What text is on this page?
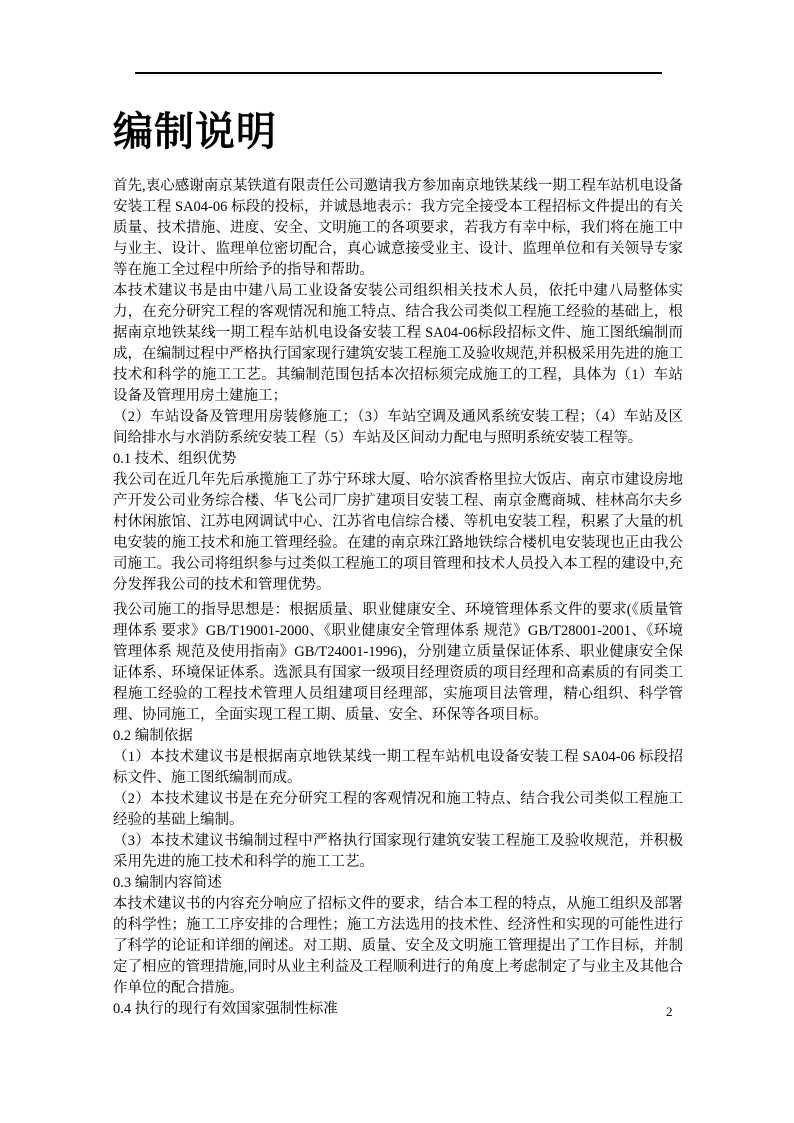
编制说明

首先,衷心感谢南京某铁道有限责任公司邀请我方参加南京地铁某线一期工程车站机电设备安装工程 SA04-06 标段的投标，并诚恳地表示：我方完全接受本工程招标文件提出的有关质量、技术措施、进度、安全、文明施工的各项要求，若我方有幸中标，我们将在施工中与业主、设计、监理单位密切配合，真心诚意接受业主、设计、监理单位和有关领导专家等在施工全过程中所给予的指导和帮助。

本技术建议书是由中建八局工业设备安装公司组织相关技术人员，依托中建八局整体实力，在充分研究工程的客观情况和施工特点、结合我公司类似工程施工经验的基础上，根据南京地铁某线一期工程车站机电设备安装工程 SA04-06标段招标文件、施工图纸编制而成，在编制过程中严格执行国家现行建筑安装工程施工及验收规范,并积极采用先进的施工技术和科学的施工工艺。其编制范围包括本次招标须完成施工的工程，具体为（1）车站设备及管理用房土建施工；

（2）车站设备及管理用房装修施工；（3）车站空调及通风系统安装工程；（4）车站及区间给排水与水消防系统安装工程（5）车站及区间动力配电与照明系统安装工程等。

0.1 技术、组织优势

我公司在近几年先后承揽施工了苏宁环球大厦、哈尔滨香格里拉大饭店、南京市建设房地产开发公司业务综合楼、华飞公司厂房扩建项目安装工程、南京金鹰商城、桂林高尔夫乡村休闲旅馆、江苏电网调试中心、江苏省电信综合楼、等机电安装工程，积累了大量的机电安装的施工技术和施工管理经验。在建的南京珠江路地铁综合楼机电安装现也正由我公司施工。我公司将组织参与过类似工程施工的项目管理和技术人员投入本工程的建设中,充分发挥我公司的技术和管理优势。

我公司施工的指导思想是：根据质量、职业健康安全、环境管理体系文件的要求(《质量管理体系 要求》GB/T19001-2000、《职业健康安全管理体系 规范》GB/T28001-2001、《环境管理体系 规范及使用指南》GB/T24001-1996)，分别建立质量保证体系、职业健康安全保证体系、环境保证体系。选派具有国家一级项目经理资质的项目经理和高素质的有同类工程施工经验的工程技术管理人员组建项目经理部，实施项目法管理，精心组织、科学管理、协同施工，全面实现工程工期、质量、安全、环保等各项目标。

0.2 编制依据

（1）本技术建议书是根据南京地铁某线一期工程车站机电设备安装工程 SA04-06 标段招标文件、施工图纸编制而成。

（2）本技术建议书是在充分研究工程的客观情况和施工特点、结合我公司类似工程施工经验的基础上编制。

（3）本技术建议书编制过程中严格执行国家现行建筑安装工程施工及验收规范，并积极采用先进的施工技术和科学的施工工艺。

0.3 编制内容简述

本技术建议书的内容充分响应了招标文件的要求，结合本工程的特点，从施工组织及部署的科学性；施工工序安排的合理性；施工方法选用的技术性、经济性和实现的可能性进行了科学的论证和详细的阐述。对工期、质量、安全及文明施工管理提出了工作目标，并制定了相应的管理措施,同时从业主利益及工程顺利进行的角度上考虑制定了与业主及其他合作单位的配合措施。

0.4 执行的现行有效国家强制性标准	2
